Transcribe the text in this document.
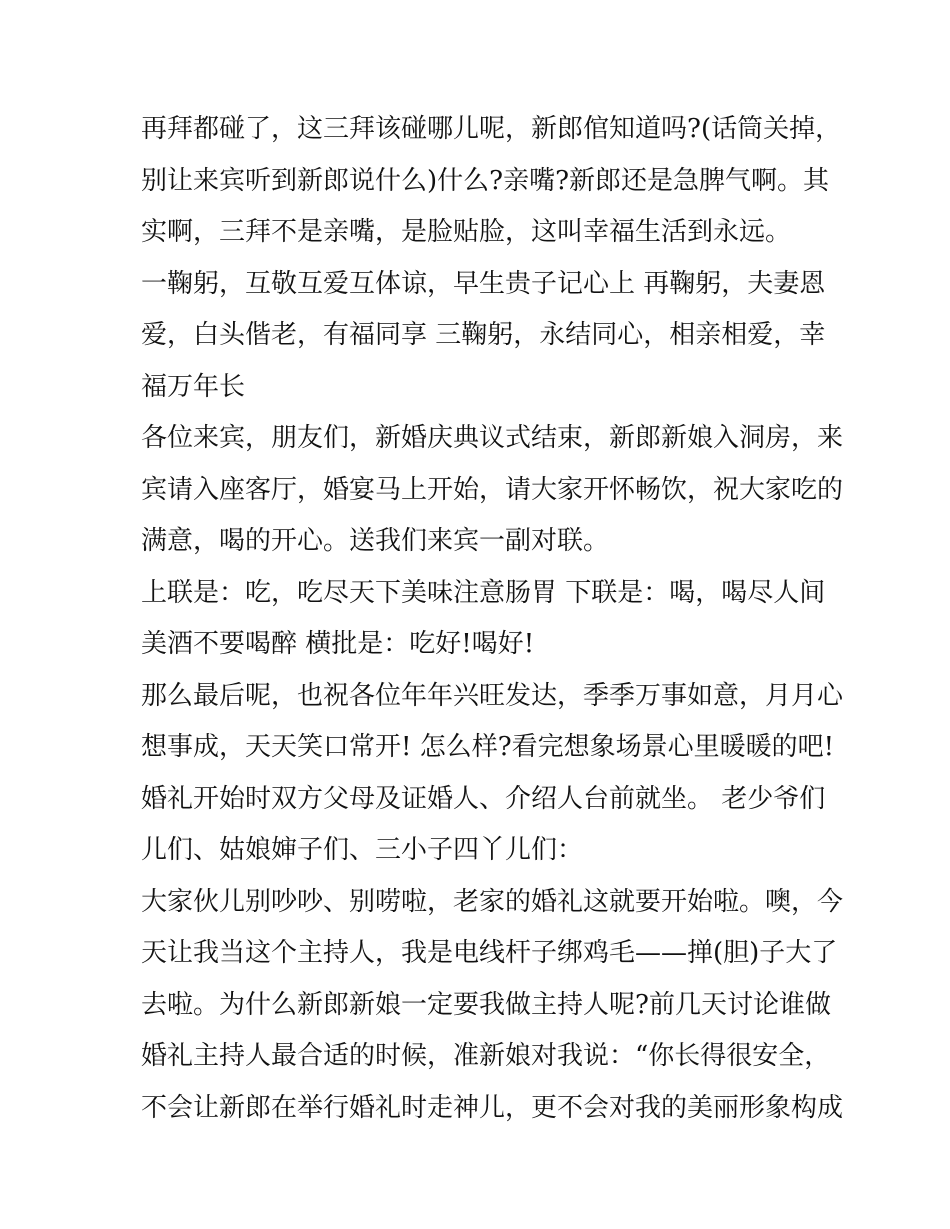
再拜都碰了，这三拜该碰哪儿呢，新郎倌知道吗?(话筒关掉，
别让来宾听到新郎说什么)什么?亲嘴?新郎还是急脾气啊。其
实啊，三拜不是亲嘴，是脸贴脸，这叫幸福生活到永远。
一鞠躬，互敬互爱互体谅，早生贵子记心上 再鞠躬，夫妻恩
爱，白头偕老，有福同享 三鞠躬，永结同心，相亲相爱，幸
福万年长
各位来宾，朋友们，新婚庆典议式结束，新郎新娘入洞房，来
宾请入座客厅，婚宴马上开始，请大家开怀畅饮，祝大家吃的
满意，喝的开心。送我们来宾一副对联。
上联是：吃，吃尽天下美味注意肠胃 下联是：喝，喝尽人间
美酒不要喝醉 横批是：吃好!喝好!
那么最后呢，也祝各位年年兴旺发达，季季万事如意，月月心
想事成，天天笑口常开! 怎么样?看完想象场景心里暖暖的吧!
婚礼开始时双方父母及证婚人、介绍人台前就坐。 老少爷们
儿们、姑娘婶子们、三小子四丫儿们：
大家伙儿别吵吵、别唠啦，老家的婚礼这就要开始啦。噢，今
天让我当这个主持人，我是电线杆子绑鸡毛——掸(胆)子大了
去啦。为什么新郎新娘一定要我做主持人呢?前几天讨论谁做
婚礼主持人最合适的时候，准新娘对我说：“你长得很安全，
不会让新郎在举行婚礼时走神儿，更不会对我的美丽形象构成
